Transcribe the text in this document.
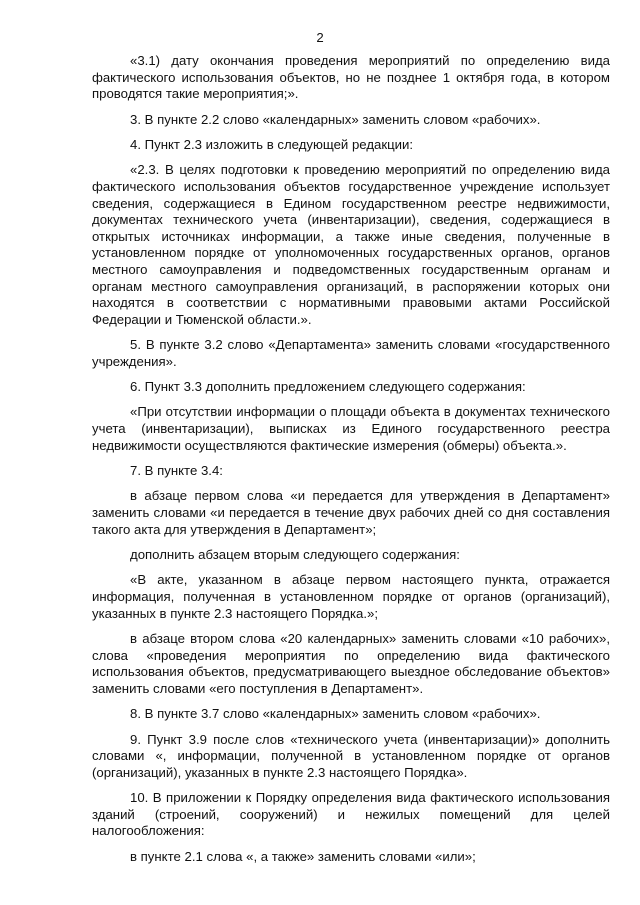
2

«3.1) дату окончания проведения мероприятий по определению вида фактического использования объектов, но не позднее 1 октября года, в котором проводятся такие мероприятия;».

3. В пункте 2.2 слово «календарных» заменить словом «рабочих».

4. Пункт 2.3 изложить в следующей редакции:

«2.3. В целях подготовки к проведению мероприятий по определению вида фактического использования объектов государственное учреждение использует сведения, содержащиеся в Едином государственном реестре недвижимости, документах технического учета (инвентаризации), сведения, содержащиеся в открытых источниках информации, а также иные сведения, полученные в установленном порядке от уполномоченных государственных органов, органов местного самоуправления и подведомственных государственным органам и органам местного самоуправления организаций, в распоряжении которых они находятся в соответствии с нормативными правовыми актами Российской Федерации и Тюменской области.».

5. В пункте 3.2 слово «Департамента» заменить словами «государственного учреждения».

6. Пункт 3.3 дополнить предложением следующего содержания:

«При отсутствии информации о площади объекта в документах технического учета (инвентаризации), выписках из Единого государственного реестра недвижимости осуществляются фактические измерения (обмеры) объекта.».

7. В пункте 3.4:

в абзаце первом слова «и передается для утверждения в Департамент» заменить словами «и передается в течение двух рабочих дней со дня составления такого акта для утверждения в Департамент»;

дополнить абзацем вторым следующего содержания:

«В акте, указанном в абзаце первом настоящего пункта, отражается информация, полученная в установленном порядке от органов (организаций), указанных в пункте 2.3 настоящего Порядка.»;

в абзаце втором слова «20 календарных» заменить словами «10 рабочих», слова «проведения мероприятия по определению вида фактического использования объектов, предусматривающего выездное обследование объектов» заменить словами «его поступления в Департамент».

8. В пункте 3.7 слово «календарных» заменить словом «рабочих».

9. Пункт 3.9 после слов «технического учета (инвентаризации)» дополнить словами «, информации, полученной в установленном порядке от органов (организаций), указанных в пункте 2.3 настоящего Порядка».

10. В приложении к Порядку определения вида фактического использования зданий (строений, сооружений) и нежилых помещений для целей налогообложения:

в пункте 2.1 слова «, а также» заменить словами «или»;
